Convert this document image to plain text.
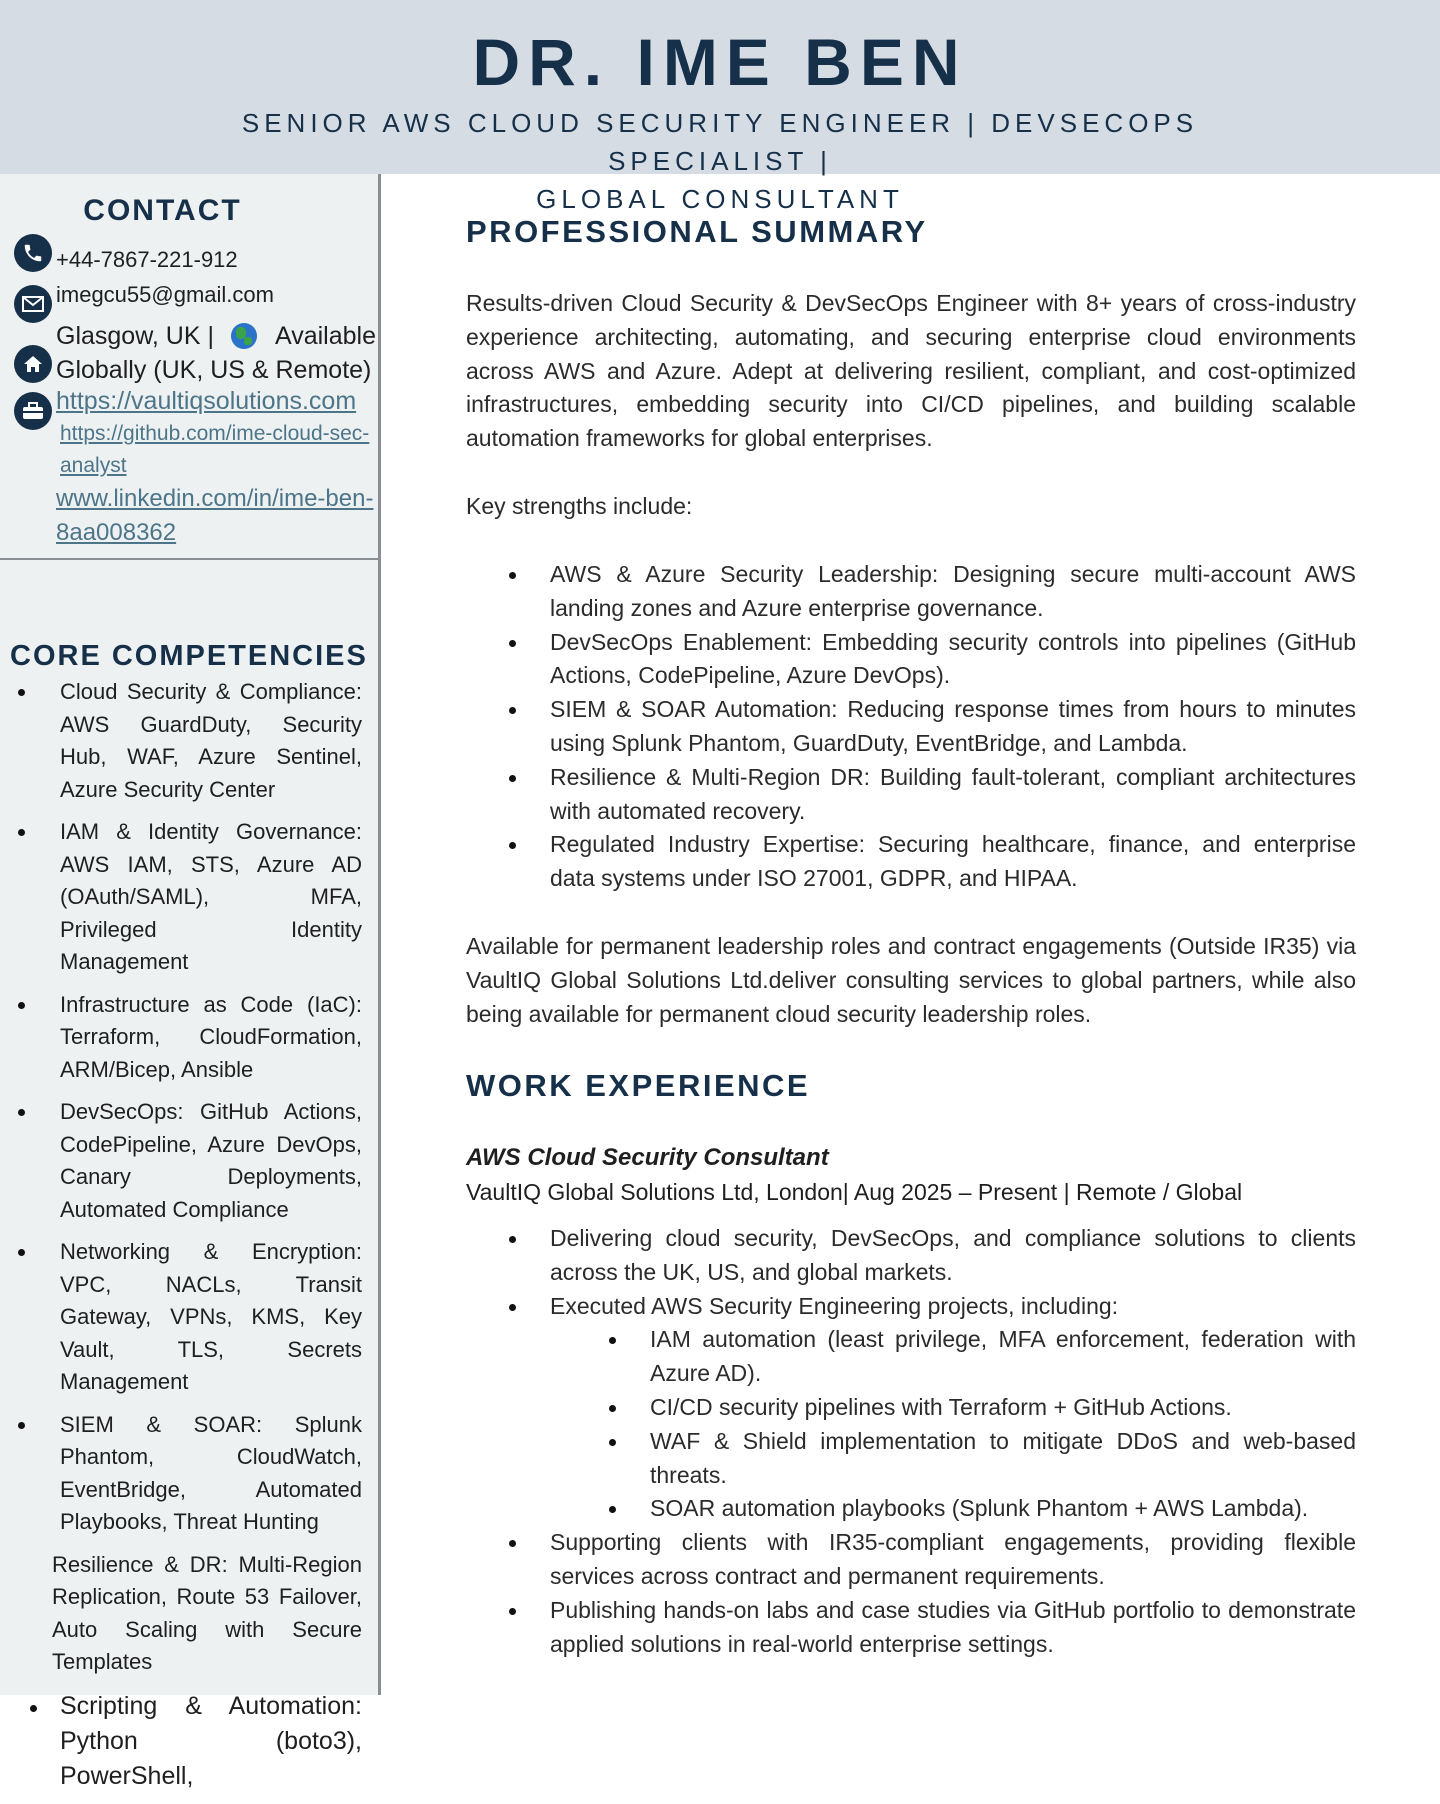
DR. IME BEN
SENIOR AWS CLOUD SECURITY ENGINEER | DEVSECOPS SPECIALIST |
GLOBAL CONSULTANT
CONTACT
+44-7867-221-912
imegcu55@gmail.com
Glasgow, UK | Available
Globally (UK, US & Remote)
https://vaultiqsolutions.com
https://github.com/ime-cloud-sec-analyst
www.linkedin.com/in/ime-ben-8aa008362
CORE COMPETENCIES
Cloud Security & Compliance: AWS GuardDuty, Security Hub, WAF, Azure Sentinel, Azure Security Center
IAM & Identity Governance: AWS IAM, STS, Azure AD (OAuth/SAML), MFA, Privileged Identity Management
Infrastructure as Code (IaC): Terraform, CloudFormation, ARM/Bicep, Ansible
DevSecOps: GitHub Actions, CodePipeline, Azure DevOps, Canary Deployments, Automated Compliance
Networking & Encryption: VPC, NACLs, Transit Gateway, VPNs, KMS, Key Vault, TLS, Secrets Management
SIEM & SOAR: Splunk Phantom, CloudWatch, EventBridge, Automated Playbooks, Threat Hunting
Resilience & DR: Multi-Region Replication, Route 53 Failover, Auto Scaling with Secure Templates
Scripting & Automation: Python (boto3), PowerShell,
PROFESSIONAL SUMMARY
Results-driven Cloud Security & DevSecOps Engineer with 8+ years of cross-industry experience architecting, automating, and securing enterprise cloud environments across AWS and Azure. Adept at delivering resilient, compliant, and cost-optimized infrastructures, embedding security into CI/CD pipelines, and building scalable automation frameworks for global enterprises.
Key strengths include:
AWS & Azure Security Leadership: Designing secure multi-account AWS landing zones and Azure enterprise governance.
DevSecOps Enablement: Embedding security controls into pipelines (GitHub Actions, CodePipeline, Azure DevOps).
SIEM & SOAR Automation: Reducing response times from hours to minutes using Splunk Phantom, GuardDuty, EventBridge, and Lambda.
Resilience & Multi-Region DR: Building fault-tolerant, compliant architectures with automated recovery.
Regulated Industry Expertise: Securing healthcare, finance, and enterprise data systems under ISO 27001, GDPR, and HIPAA.
Available for permanent leadership roles and contract engagements (Outside IR35) via VaultIQ Global Solutions Ltd.deliver consulting services to global partners, while also being available for permanent cloud security leadership roles.
WORK EXPERIENCE
AWS Cloud Security Consultant
VaultIQ Global Solutions Ltd, London| Aug 2025 – Present | Remote / Global
Delivering cloud security, DevSecOps, and compliance solutions to clients across the UK, US, and global markets.
Executed AWS Security Engineering projects, including:
IAM automation (least privilege, MFA enforcement, federation with Azure AD).
CI/CD security pipelines with Terraform + GitHub Actions.
WAF & Shield implementation to mitigate DDoS and web-based threats.
SOAR automation playbooks (Splunk Phantom + AWS Lambda).
Supporting clients with IR35-compliant engagements, providing flexible services across contract and permanent requirements.
Publishing hands-on labs and case studies via GitHub portfolio to demonstrate applied solutions in real-world enterprise settings.
